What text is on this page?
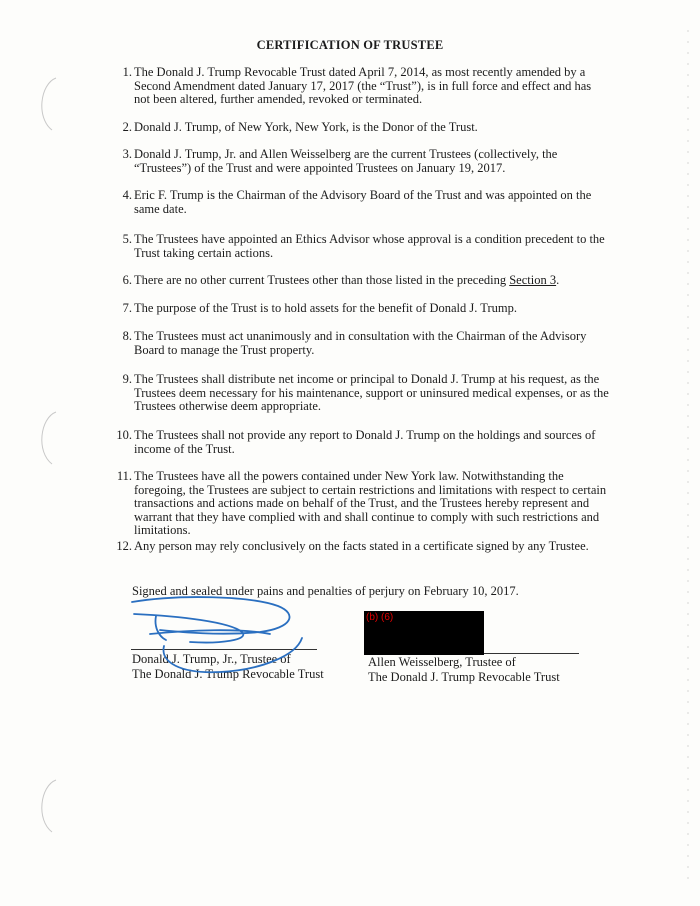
CERTIFICATION OF TRUSTEE
1. The Donald J. Trump Revocable Trust dated April 7, 2014, as most recently amended by a Second Amendment dated January 17, 2017 (the “Trust”), is in full force and effect and has not been altered, further amended, revoked or terminated.
2. Donald J. Trump, of New York, New York, is the Donor of the Trust.
3. Donald J. Trump, Jr. and Allen Weisselberg are the current Trustees (collectively, the “Trustees”) of the Trust and were appointed Trustees on January 19, 2017.
4. Eric F. Trump is the Chairman of the Advisory Board of the Trust and was appointed on the same date.
5. The Trustees have appointed an Ethics Advisor whose approval is a condition precedent to the Trust taking certain actions.
6. There are no other current Trustees other than those listed in the preceding Section 3.
7. The purpose of the Trust is to hold assets for the benefit of Donald J. Trump.
8. The Trustees must act unanimously and in consultation with the Chairman of the Advisory Board to manage the Trust property.
9. The Trustees shall distribute net income or principal to Donald J. Trump at his request, as the Trustees deem necessary for his maintenance, support or uninsured medical expenses, or as the Trustees otherwise deem appropriate.
10. The Trustees shall not provide any report to Donald J. Trump on the holdings and sources of income of the Trust.
11. The Trustees have all the powers contained under New York law. Notwithstanding the foregoing, the Trustees are subject to certain restrictions and limitations with respect to certain transactions and actions made on behalf of the Trust, and the Trustees hereby represent and warrant that they have complied with and shall continue to comply with such restrictions and limitations.
12. Any person may rely conclusively on the facts stated in a certificate signed by any Trustee.
Signed and sealed under pains and penalties of perjury on February 10, 2017.
Donald J. Trump, Jr., Trustee of
The Donald J. Trump Revocable Trust
Allen Weisselberg, Trustee of
The Donald J. Trump Revocable Trust
(b) (6)
